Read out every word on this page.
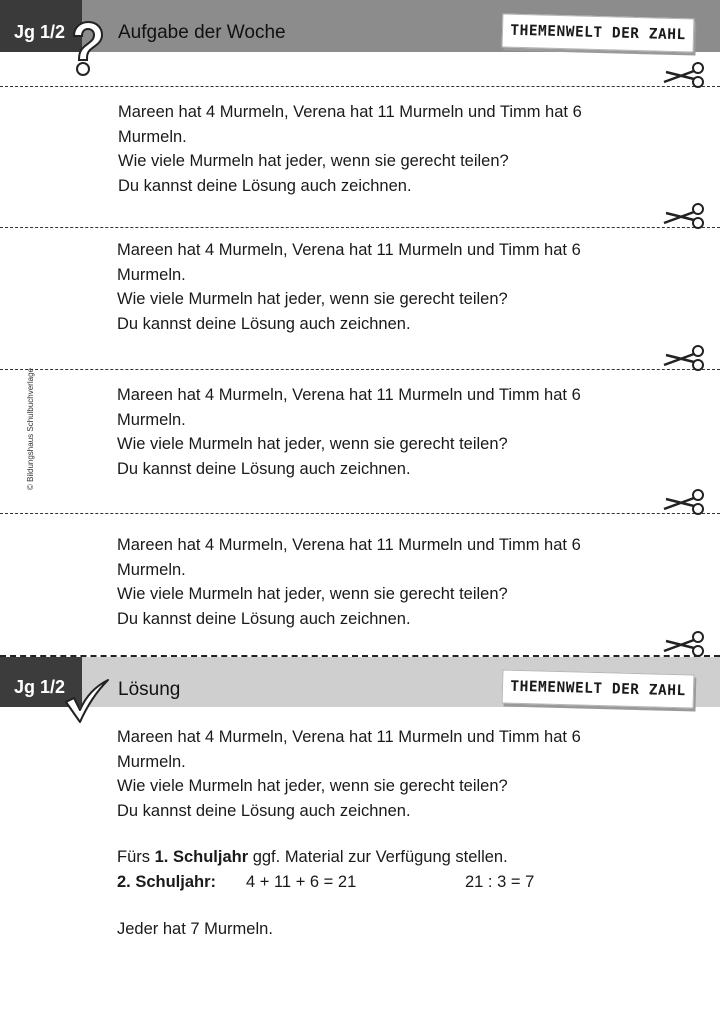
Jg 1/2	Aufgabe der Woche	THEMENWELT DER ZAHL
Mareen hat 4 Murmeln, Verena hat 11 Murmeln und Timm hat 6
Murmeln.
Wie viele Murmeln hat jeder, wenn sie gerecht teilen?
Du kannst deine Lösung auch zeichnen.
Mareen hat 4 Murmeln, Verena hat 11 Murmeln und Timm hat 6
Murmeln.
Wie viele Murmeln hat jeder, wenn sie gerecht teilen?
Du kannst deine Lösung auch zeichnen.
© Bildungshaus Schulbuchverlage	Mareen hat 4 Murmeln, Verena hat 11 Murmeln und Timm hat 6
Murmeln.
Wie viele Murmeln hat jeder, wenn sie gerecht teilen?
Du kannst deine Lösung auch zeichnen.
Mareen hat 4 Murmeln, Verena hat 11 Murmeln und Timm hat 6
Murmeln.
Wie viele Murmeln hat jeder, wenn sie gerecht teilen?
Du kannst deine Lösung auch zeichnen.
Jg 1/2	Lösung	THEMENWELT DER ZAHL
Mareen hat 4 Murmeln, Verena hat 11 Murmeln und Timm hat 6
Murmeln.
Wie viele Murmeln hat jeder, wenn sie gerecht teilen?
Du kannst deine Lösung auch zeichnen.
Fürs 1. Schuljahr ggf. Material zur Verfügung stellen.
2. Schuljahr: 4 + 11 + 6 = 21	21 : 3 = 7
Jeder hat 7 Murmeln.
